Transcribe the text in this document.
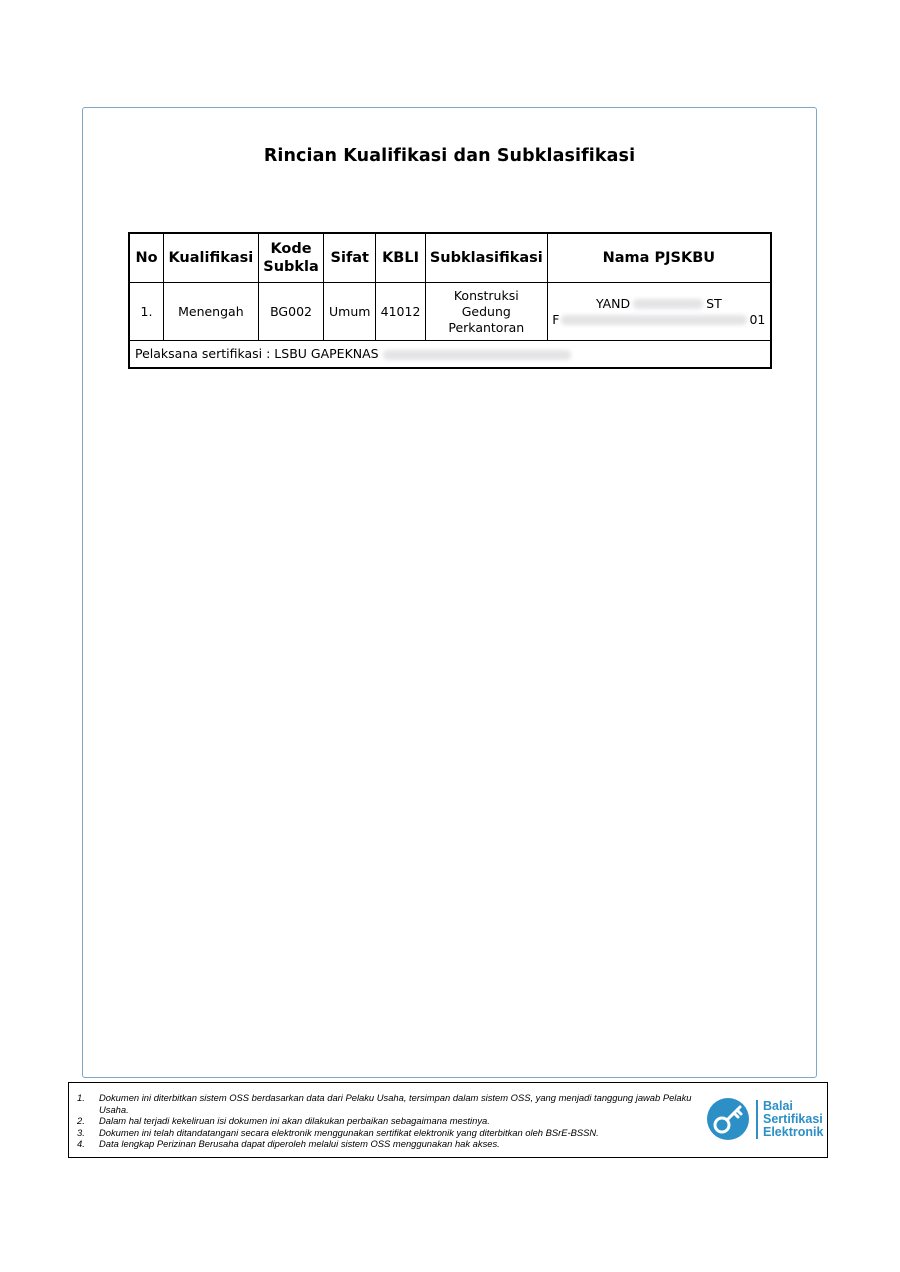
Rincian Kualifikasi dan Subklasifikasi
No	Kualifikasi	Kode Subkla	Sifat	KBLI	Subklasifikasi	Nama PJSKBU
1.	Menengah	BG002	Umum	41012	Konstruksi Gedung Perkantoran	YAND ST
F 01

Pelaksana sertifikasi : LSBU GAPEKNAS						
1.	Dokumen ini diterbitkan sistem OSS berdasarkan data dari Pelaku Usaha, tersimpan dalam sistem OSS, yang menjadi tanggung jawab Pelaku Usaha.
2.	Dalam hal terjadi kekeliruan isi dokumen ini akan dilakukan perbaikan sebagaimana mestinya.
3.	Dokumen ini telah ditandatangani secara elektronik menggunakan sertifikat elektronik yang diterbitkan oleh BSrE-BSSN.
4.	Data lengkap Perizinan Berusaha dapat diperoleh melalui sistem OSS menggunakan hak akses.
Balai
Sertifikasi
Elektronik
